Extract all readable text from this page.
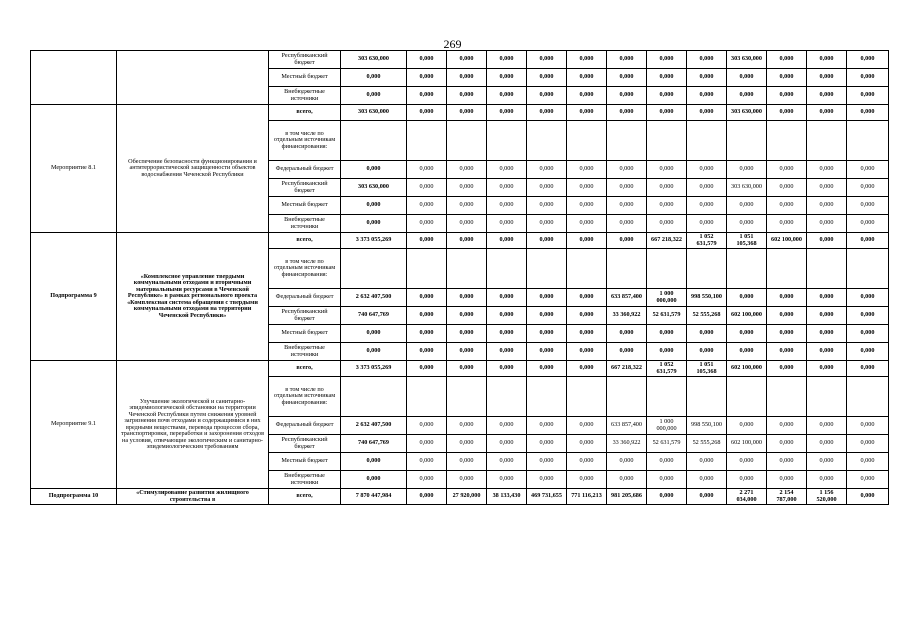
269
		Республиканский бюджет	303 630,000	0,000	0,000	0,000	0,000	0,000	0,000	0,000	0,000	303 630,000	0,000	0,000	0,000
		Местный бюджет	0,000	0,000	0,000	0,000	0,000	0,000	0,000	0,000	0,000	0,000	0,000	0,000	0,000
		Внебюджетные источники	0,000	0,000	0,000	0,000	0,000	0,000	0,000	0,000	0,000	0,000	0,000	0,000	0,000
Мероприятие 8.1	Обеспечение безопасности функционирования и антитеррористической защищенности объектов водоснабжения Чеченской Республики	всего,	303 630,000	0,000	0,000	0,000	0,000	0,000	0,000	0,000	0,000	303 630,000	0,000	0,000	0,000
		в том числе по отдельным источникам финансирования:													
		Федеральный бюджет	0,000	0,000	0,000	0,000	0,000	0,000	0,000	0,000	0,000	0,000	0,000	0,000	0,000
		Республиканский бюджет	303 630,000	0,000	0,000	0,000	0,000	0,000	0,000	0,000	0,000	303 630,000	0,000	0,000	0,000
		Местный бюджет	0,000	0,000	0,000	0,000	0,000	0,000	0,000	0,000	0,000	0,000	0,000	0,000	0,000
		Внебюджетные источники	0,000	0,000	0,000	0,000	0,000	0,000	0,000	0,000	0,000	0,000	0,000	0,000	0,000
Подпрограмма 9	«Комплексное управление твердыми коммунальными отходами и вторичными материальными ресурсами в Чеченской Республике» в рамках регионального проекта «Комплексная система обращения с твердыми коммунальными отходами на территории Чеченской Республики»	всего,	3 373 055,269	0,000	0,000	0,000	0,000	0,000	0,000	667 218,322	1 052 631,579	1 051 105,368	602 100,000	0,000	0,000
		в том числе по отдельным источникам финансирования:													
		Федеральный бюджет	2 632 407,500	0,000	0,000	0,000	0,000	0,000	633 857,400	1 000 000,000	998 550,100	0,000	0,000	0,000	0,000
		Республиканский бюджет	740 647,769	0,000	0,000	0,000	0,000	0,000	33 360,922	52 631,579	52 555,268	602 100,000	0,000	0,000	0,000
		Местный бюджет	0,000	0,000	0,000	0,000	0,000	0,000	0,000	0,000	0,000	0,000	0,000	0,000	0,000
		Внебюджетные источники	0,000	0,000	0,000	0,000	0,000	0,000	0,000	0,000	0,000	0,000	0,000	0,000	0,000
Мероприятие 9.1	Улучшение экологической и санитарно-эпидемиологической обстановки на территории Чеченской Республики путем снижения уровней загрязнения почв отходами и содержащимися в них вредными веществами, перевода процессов сбора, транспортировки, переработки и захоронения отходов на условия, отвечающие экологическим и санитарно-эпидемиологическим требованиям	всего,	3 373 055,269	0,000	0,000	0,000	0,000	0,000	667 218,322	1 052 631,579	1 051 105,368	602 100,000	0,000	0,000	0,000
		в том числе по отдельным источникам финансирования:													
		Федеральный бюджет	2 632 407,500	0,000	0,000	0,000	0,000	0,000	633 857,400	1 000 000,000	998 550,100	0,000	0,000	0,000	0,000
		Республиканский бюджет	740 647,769	0,000	0,000	0,000	0,000	0,000	33 360,922	52 631,579	52 555,268	602 100,000	0,000	0,000	0,000
		Местный бюджет	0,000	0,000	0,000	0,000	0,000	0,000	0,000	0,000	0,000	0,000	0,000	0,000	0,000
		Внебюджетные источники	0,000	0,000	0,000	0,000	0,000	0,000	0,000	0,000	0,000	0,000	0,000	0,000	0,000
Подпрограмма 10	«Стимулирование развития жилищного строительства в	всего,	7 870 447,984	0,000	27 920,000	38 133,430	469 731,655	771 116,213	981 205,686	0,000	0,000	2 271 034,000	2 154 787,000	1 156 520,000	0,000
